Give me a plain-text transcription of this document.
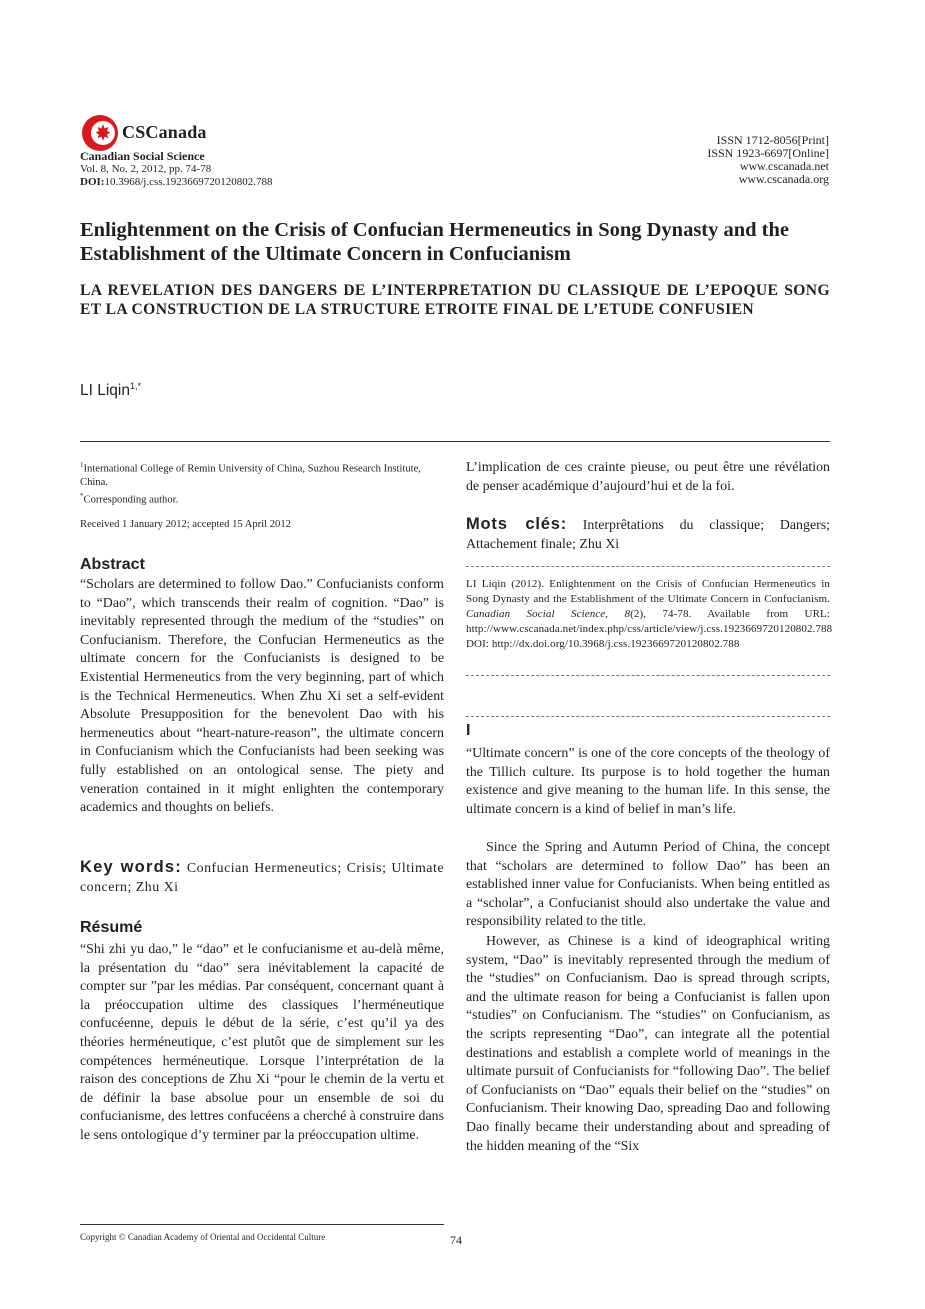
CSCanada
Canadian Social Science
Vol. 8, No. 2, 2012, pp. 74-78
DOI:10.3968/j.css.1923669720120802.788
ISSN 1712-8056[Print]
ISSN 1923-6697[Online]
www.cscanada.net
www.cscanada.org
Enlightenment on the Crisis of Confucian Hermeneutics in Song Dynasty and the Establishment of the Ultimate Concern in Confucianism
LA REVELATION DES DANGERS DE L’INTERPRETATION DU CLASSIQUE DE L’EPOQUE SONG ET LA CONSTRUCTION DE LA STRUCTURE ETROITE FINAL DE L’ETUDE CONFUSIEN
LI Liqin$^{1,*}$
$^1$International College of Remin University of China, Suzhou Research Institute, China.
*Corresponding author.
Received 1 January 2012; accepted 15 April 2012
Abstract
“Scholars are determined to follow Dao.” Confucianists conform to “Dao”, which transcends their realm of cognition. “Dao” is inevitably represented through the medium of the “studies” on Confucianism. Therefore, the Confucian Hermeneutics as the ultimate concern for the Confucianists is designed to be Existential Hermeneutics from the very beginning, part of which is the Technical Hermeneutics. When Zhu Xi set a self-evident Absolute Presupposition for the benevolent Dao with his hermeneutics about “heart-nature-reason”, the ultimate concern in Confucianism which the Confucianists had been seeking was fully established on an ontological sense. The piety and veneration contained in it might enlighten the contemporary academics and thoughts on beliefs.
Key words: Confucian Hermeneutics; Crisis; Ultimate concern; Zhu Xi
Résumé
“Shi zhi yu dao,” le “dao” et le confucianisme et au-delà même, la présentation du “dao” sera inévitablement la capacité de compter sur ”par les médias. Par conséquent, concernant quant à la préoccupation ultime des classiques l’herméneutique confucéenne, depuis le début de la série, c’est qu’il ya des théories herméneutique, c’est plutôt que de simplement sur les compétences herméneutique. Lorsque l’interprétation de la raison des conceptions de Zhu Xi “pour le chemin de la vertu et de définir la base absolue pour un ensemble de soi du confucianisme, des lettres confucéens a cherché à construire dans le sens ontologique d’y terminer par la préoccupation ultime.
L’implication de ces crainte pieuse, ou peut être une révélation de penser académique d’aujourd’hui et de la foi.
Mots clés: Interprêtations du classique; Dangers; Attachement finale; Zhu Xi
LI Liqin (2012). Enlightenment on the Crisis of Confucian Hermeneutics in Song Dynasty and the Establishment of the Ultimate Concern in Confucianism. Canadian Social Science, 8(2), 74-78. Available from URL: http://www.cscanada.net/index.php/css/article/view/j.css.1923669720120802.788 DOI: http://dx.doi.org/10.3968/j.css.1923669720120802.788
I
“Ultimate concern” is one of the core concepts of the theology of the Tillich culture. Its purpose is to hold together the human existence and give meaning to the human life. In this sense, the ultimate concern is a kind of belief in man’s life.
Since the Spring and Autumn Period of China, the concept that “scholars are determined to follow Dao” has been an established inner value for Confucianists. When being entitled as a “scholar”, a Confucianist should also undertake the value and responsibility related to the title.
However, as Chinese is a kind of ideographical writing system, “Dao” is inevitably represented through the medium of the “studies” on Confucianism. Dao is spread through scripts, and the ultimate reason for being a Confucianist is fallen upon “studies” on Confucianism. The “studies” on Confucianism, as the scripts representing “Dao”, can integrate all the potential destinations and establish a complete world of meanings in the ultimate pursuit of Confucianists for “following Dao”. The belief of Confucianists on “Dao” equals their belief on the “studies” on Confucianism. Their knowing Dao, spreading Dao and following Dao finally became their understanding about and spreading of the hidden meaning of the “Six
Copyright © Canadian Academy of Oriental and Occidental Culture	74
